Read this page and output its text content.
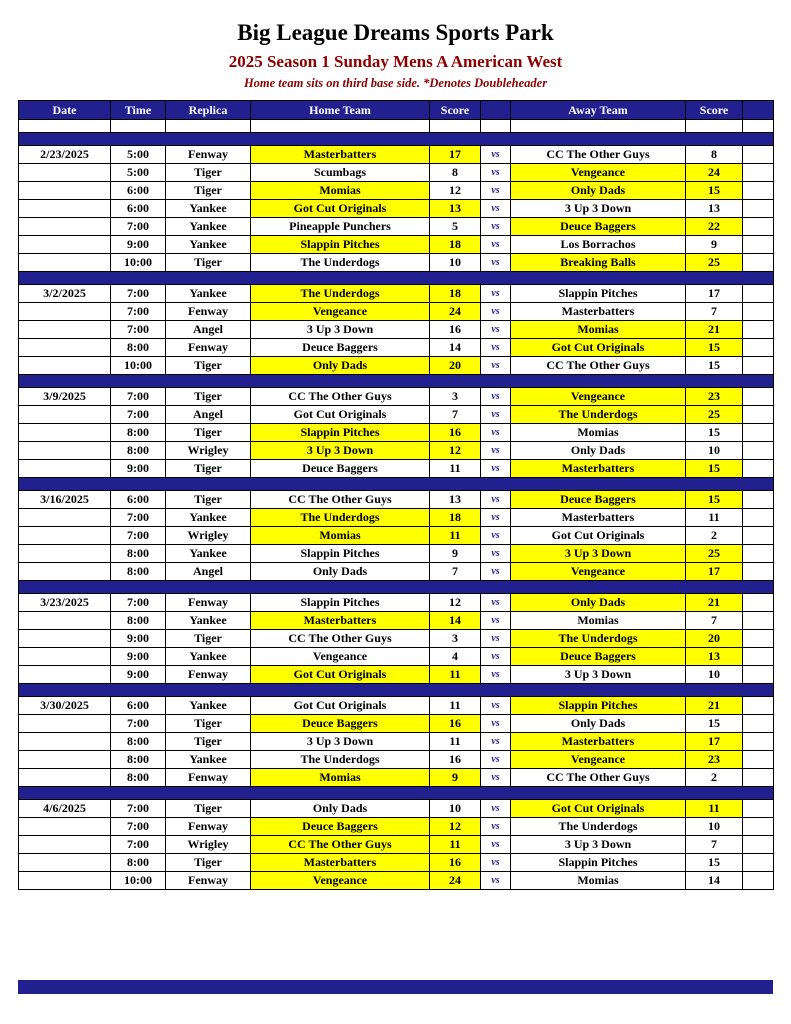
Big League Dreams Sports Park
2025 Season 1 Sunday Mens A American West
Home team sits on third base side. *Denotes Doubleheader
Date	Time	Replica	Home Team	Score		Away Team	Score	

2/23/2025	5:00	Fenway	Masterbatters	17	vs	CC The Other Guys	8	
	5:00	Tiger	Scumbags	8	vs	Vengeance	24	
	6:00	Tiger	Momias	12	vs	Only Dads	15	
	6:00	Yankee	Got Cut Originals	13	vs	3 Up 3 Down	13	
	7:00	Yankee	Pineapple Punchers	5	vs	Deuce Baggers	22	
	9:00	Yankee	Slappin Pitches	18	vs	Los Borrachos	9	
	10:00	Tiger	The Underdogs	10	vs	Breaking Balls	25	

3/2/2025	7:00	Yankee	The Underdogs	18	vs	Slappin Pitches	17	
	7:00	Fenway	Vengeance	24	vs	Masterbatters	7	
	7:00	Angel	3 Up 3 Down	16	vs	Momias	21	
	8:00	Fenway	Deuce Baggers	14	vs	Got Cut Originals	15	
	10:00	Tiger	Only Dads	20	vs	CC The Other Guys	15	

3/9/2025	7:00	Tiger	CC The Other Guys	3	vs	Vengeance	23	
	7:00	Angel	Got Cut Originals	7	vs	The Underdogs	25	
	8:00	Tiger	Slappin Pitches	16	vs	Momias	15	
	8:00	Wrigley	3 Up 3 Down	12	vs	Only Dads	10	
	9:00	Tiger	Deuce Baggers	11	vs	Masterbatters	15	

3/16/2025	6:00	Tiger	CC The Other Guys	13	vs	Deuce Baggers	15	
	7:00	Yankee	The Underdogs	18	vs	Masterbatters	11	
	7:00	Wrigley	Momias	11	vs	Got Cut Originals	2	
	8:00	Yankee	Slappin Pitches	9	vs	3 Up 3 Down	25	
	8:00	Angel	Only Dads	7	vs	Vengeance	17	

3/23/2025	7:00	Fenway	Slappin Pitches	12	vs	Only Dads	21	
	8:00	Yankee	Masterbatters	14	vs	Momias	7	
	9:00	Tiger	CC The Other Guys	3	vs	The Underdogs	20	
	9:00	Yankee	Vengeance	4	vs	Deuce Baggers	13	
	9:00	Fenway	Got Cut Originals	11	vs	3 Up 3 Down	10	

3/30/2025	6:00	Yankee	Got Cut Originals	11	vs	Slappin Pitches	21	
	7:00	Tiger	Deuce Baggers	16	vs	Only Dads	15	
	8:00	Tiger	3 Up 3 Down	11	vs	Masterbatters	17	
	8:00	Yankee	The Underdogs	16	vs	Vengeance	23	
	8:00	Fenway	Momias	9	vs	CC The Other Guys	2	

4/6/2025	7:00	Tiger	Only Dads	10	vs	Got Cut Originals	11	
	7:00	Fenway	Deuce Baggers	12	vs	The Underdogs	10	
	7:00	Wrigley	CC The Other Guys	11	vs	3 Up 3 Down	7	
	8:00	Tiger	Masterbatters	16	vs	Slappin Pitches	15	
	10:00	Fenway	Vengeance	24	vs	Momias	14	
